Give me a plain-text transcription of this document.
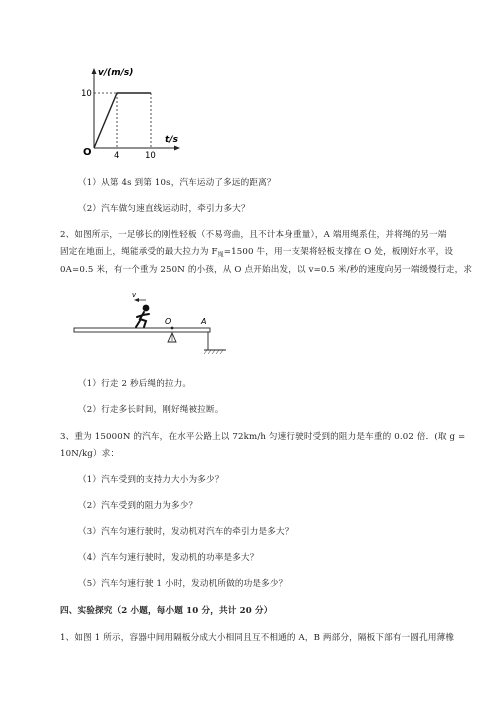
v/(m/s)
10
O	4	10
t/s
（1）从第 4s 到第 10s，汽车运动了多远的距离？
（2）汽车做匀速直线运动时，牵引力多大？
2、如图所示，一足够长的刚性轻板（不易弯曲，且不计本身重量），A 端用绳系住，并将绳的另一端
固定在地面上，绳能承受的最大拉力为 $F_绳=1500$ 牛，用一支架将轻板支撑在 O 处，板刚好水平，设
0A=0.5 米，有一个重为 250N 的小孩，从 O 点开始出发，以 v=0.5 米/秒的速度向另一端缓慢行走，求
v
O	A
（1）行走 2 秒后绳的拉力。
（2）行走多长时间，刚好绳被拉断。
3、重为 15000N 的汽车，在水平公路上以 72km/h 匀速行驶时受到的阻力是车重的 0.02 倍．(取 g =
10N/kg）求：
（1）汽车受到的支持力大小为多少？
（2）汽车受到的阻力为多少？
（3）汽车匀速行驶时，发动机对汽车的牵引力是多大？
（4）汽车匀速行驶时，发动机的功率是多大？
（5）汽车匀速行驶 1 小时，发动机所做的功是多少？
四、实验探究（2 小题，每小题 10 分，共计 20 分）
1、如图 1 所示，容器中间用隔板分成大小相同且互不相通的 A，B 两部分，隔板下部有一圆孔用薄橡
